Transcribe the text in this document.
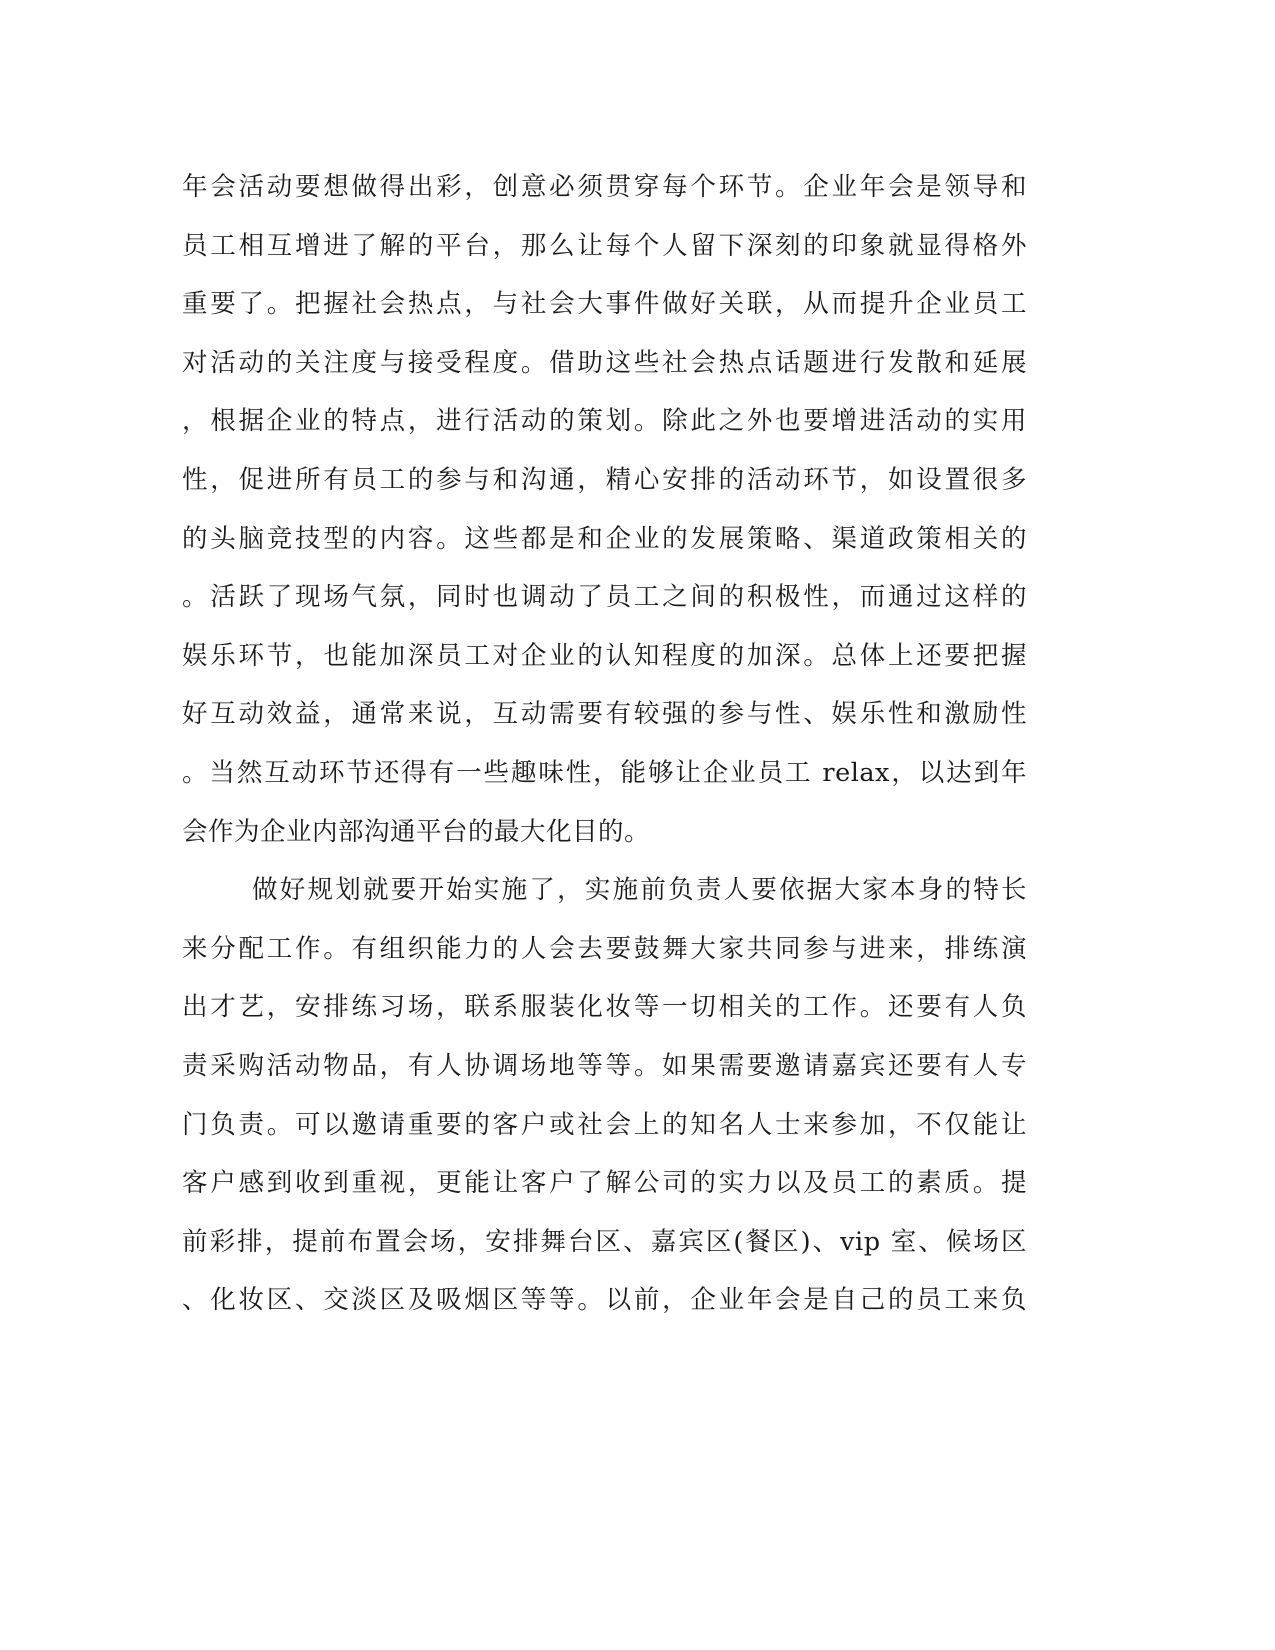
年会活动要想做得出彩，创意必须贯穿每个环节。企业年会是领导和
员工相互增进了解的平台，那么让每个人留下深刻的印象就显得格外
重要了。把握社会热点，与社会大事件做好关联，从而提升企业员工
对活动的关注度与接受程度。借助这些社会热点话题进行发散和延展
，根据企业的特点，进行活动的策划。除此之外也要增进活动的实用
性，促进所有员工的参与和沟通，精心安排的活动环节，如设置很多
的头脑竞技型的内容。这些都是和企业的发展策略、渠道政策相关的
。活跃了现场气氛，同时也调动了员工之间的积极性，而通过这样的
娱乐环节，也能加深员工对企业的认知程度的加深。总体上还要把握
好互动效益，通常来说，互动需要有较强的参与性、娱乐性和激励性
。当然互动环节还得有一些趣味性，能够让企业员工 relax，以达到年
会作为企业内部沟通平台的最大化目的。
做好规划就要开始实施了，实施前负责人要依据大家本身的特长
来分配工作。有组织能力的人会去要鼓舞大家共同参与进来，排练演
出才艺，安排练习场，联系服装化妆等一切相关的工作。还要有人负
责采购活动物品，有人协调场地等等。如果需要邀请嘉宾还要有人专
门负责。可以邀请重要的客户或社会上的知名人士来参加，不仅能让
客户感到收到重视，更能让客户了解公司的实力以及员工的素质。提
前彩排，提前布置会场，安排舞台区、嘉宾区(餐区)、vip 室、候场区
、化妆区、交淡区及吸烟区等等。以前，企业年会是自己的员工来负
